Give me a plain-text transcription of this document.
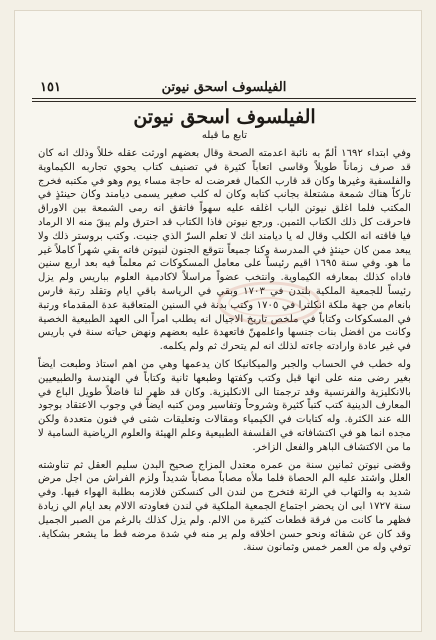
الفيلسوف اسحق نيوتن
١٥١
الفيلسوف اسحق نيوتن
تابع ما قبله

وفي ابتداء ١٦٩٢ ألمّ به نائبة اعدمته الصحة وقال بعضهم اورثت عقله خللاً وذلك انه كان قد صرف زماناً طويلاً وقاسى اتعاباً كثيرة في تصنيف كتاب يحوي تجاربه الكيماوية والفلسفية وغيرها وكان قد قارب الكمال فعرضت له حاجة مساء يوم وهو في مكتبه فخرج تاركاً هناك شمعة مشتعلة بجانب كتابه وكان له كلب صغير يسمى ديامند وكان حينئذٍ في المكتب فلما اغلق نيوتن الباب اغلقه عليه سهواً فاتفق انه رمى الشمعة بين الاوراق فاحرقت كل ذلك الكتاب الثمين. ورجع نيوتن فاذا الكتاب قد احترق ولم يبقَ منه الا الرماد فيا فاقته انه الكلب وقال له يا ديامند انك لا تعلم السرّ الذي جنيت. وكتب بروستر ذلك ولا يبعد ممن كان حينئذٍ في المدرسة وكنا جميعاً نتوقع الجنون لنيوتن فاته بقي شهراً كاملاً غير ما هو. وفي سنة ١٦٩٥ اقيم رئيساً على معامل المسكوكات ثم معلماً فيه بعد اربع سنين فاداه كذلك بمعارفه الكيماوية. وانتخب عضواً مراسلاً لاكادمية العلوم بباريس ولم يزل رئيساً للجمعية الملكية بلندن في ١٧٠٣ وبقي في الرياسة باقي ايام وتقلد رتبة فارس بانعام من جهة ملكة انكلترا في ١٧٠٥ وكتب بدنة في السنين المتعاقبة عدة المقدماء ورتبة في المسكوكات وكتاباً في ملخص تاريخ الاجيال انه يطلب امراً الى العهد الطبيعية الخصية وكانت من افضل بنات جنسها واعلمهنّ فاتعهدة عليه بعضهم ونهض حياته سنة في باريس في غير عادة وارادته جاءته لذلك انه لم يتحرك ثم ولم يكلمه.

وله خطب في الحساب والجبر والميكانيكا كان يدعمها وهي من اهم استاذ وطبعت ايضاً بغير رضى منه على انها قبل وكتب وكفتها وطبعها ثانية وكتاباً في الهندسة والطبيعيين بالانكليزية والفرنسية وقد ترجمتا الى الانكليزية. وكان قد ظهر لنا فاضلاً طويل الباع في المعارف الدينية كتب كتباً كثيرة وشروحاً وتفاسير ومن كتبه ايضاً في وجوب الاعتقاد بوجود الله عند الكثرة. وله كتابات في الكيمياء ومقالات وتعليقات شتى في فنون متعددة ولكن مجده انما هو في اكتشافاته في الفلسفة الطبيعية وعلم الهيئة والعلوم الرياضية السامية لا ما من الاكتشاف الباهر والفعل الزاخر.

وقضى نيوتن ثمانين سنة من عمره معتدل المزاج صحيح البدن سليم العقل ثم تناوشته العلل واشتد عليه الم الحصاة فلما ملأه مصاباً مصاباً شديداً ولزم الفراش من اجل مرض شديد به والتهاب في الرئة فتخرج من لندن الى كنسكتن فلازمه بطلبة الهواء فيها. وفي سنة ١٧٢٧ ابى ان يحضر اجتماع الجمعية الملكية في لندن فعاودته الالام بعد ايام الي زيادة فظهر ما كانت من فرقة قطعات كثيرة من الالم. ولم يزل كذلك بالرغم من الصبر الجميل وقد كان عن شفائه ونحو حسن اخلاقه ولم ير منه في شدة مرضه قط ما يشعر بشكاية. توفي وله من العمر خمس وثمانون سنة.
